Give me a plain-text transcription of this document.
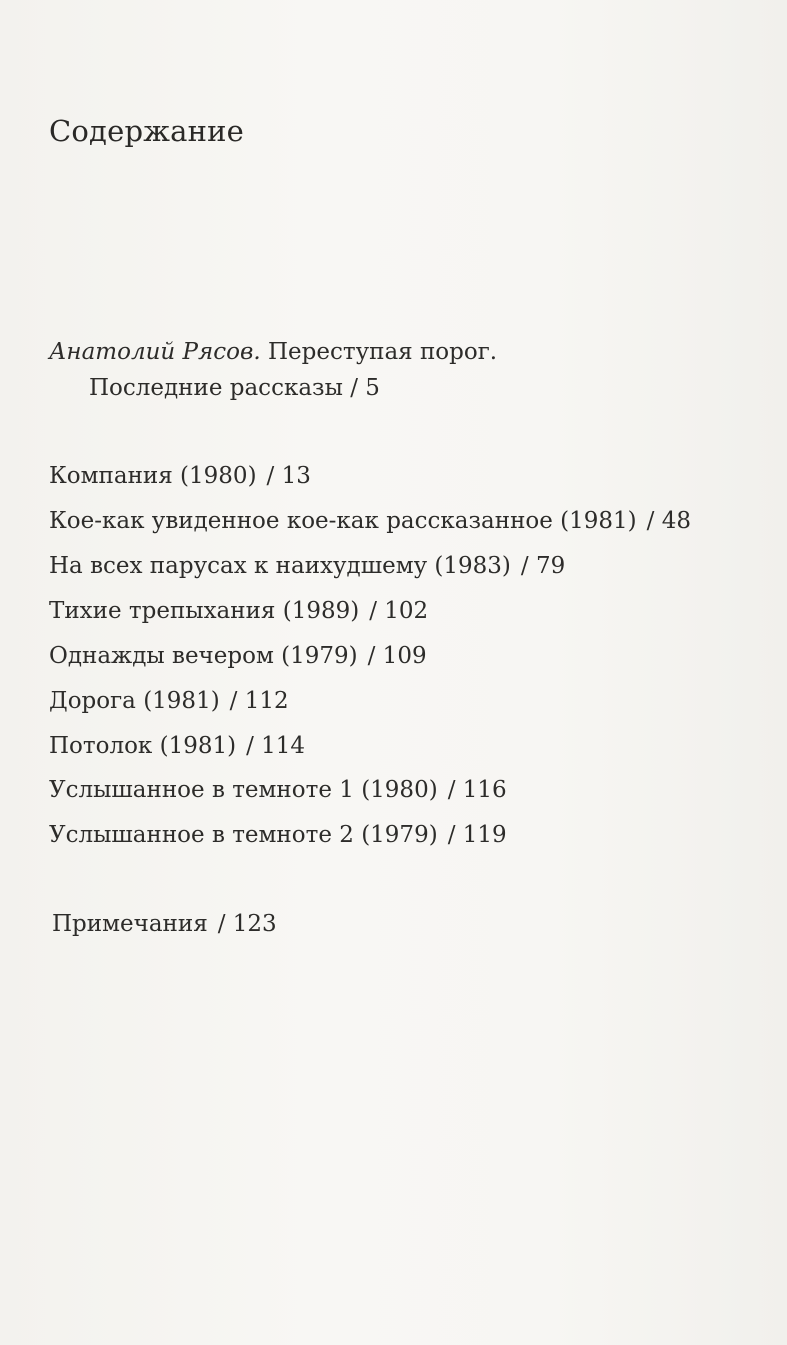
Содержание
Анатолий Рясов. Переступая порог.
Последние рассказы / 5
Компания (1980) / 13
Кое-как увиденное кое-как рассказанное (1981) / 48
На всех парусах к наихудшему (1983) / 79
Тихие трепыхания (1989) / 102
Однажды вечером (1979) / 109
Дорога (1981) / 112
Потолок (1981) / 114
Услышанное в темноте 1 (1980) / 116
Услышанное в темноте 2 (1979) / 119
Примечания / 123
